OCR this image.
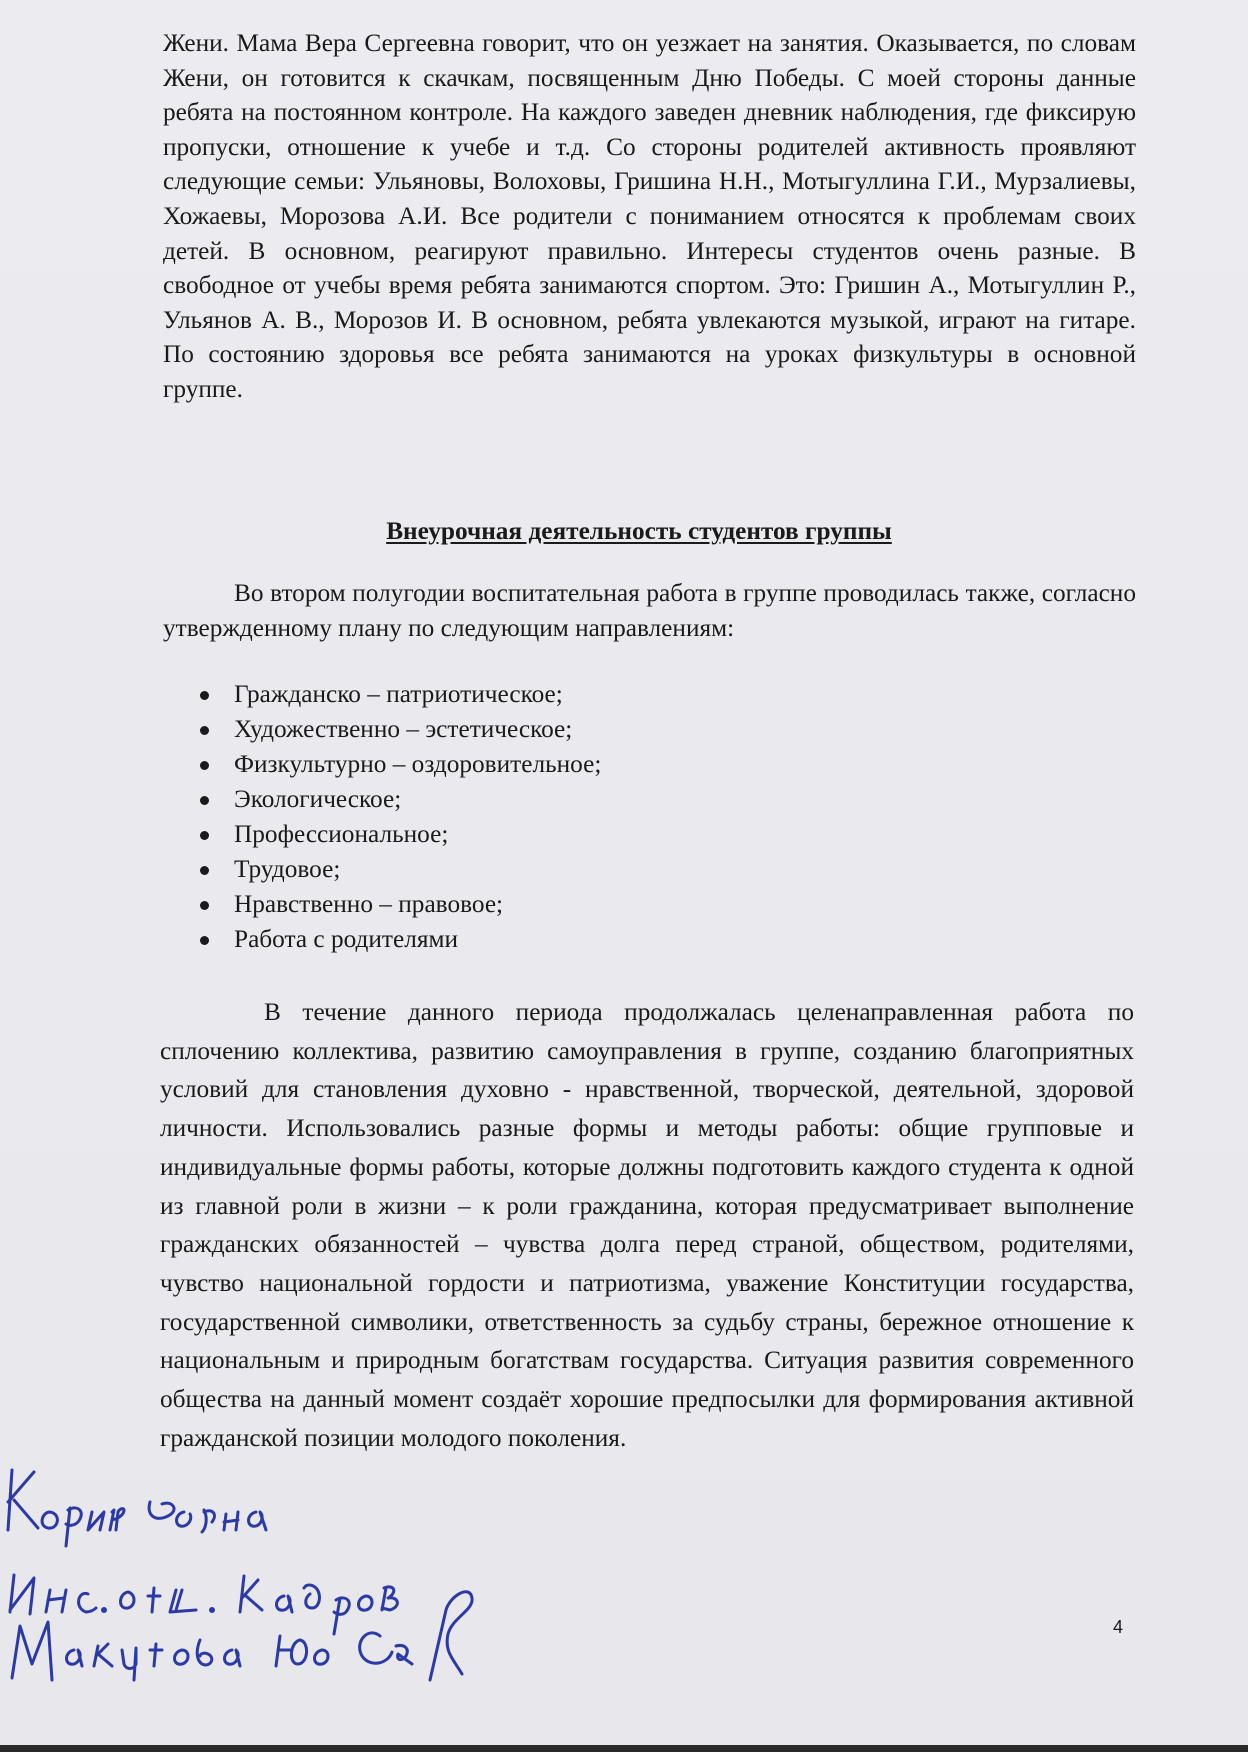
Жени. Мама Вера Сергеевна говорит, что он уезжает на занятия. Оказывается, по словам Жени, он готовится к скачкам, посвященным Дню Победы. С моей стороны данные ребята на постоянном контроле. На каждого заведен дневник наблюдения, где фиксирую пропуски, отношение к учебе и т.д. Со стороны родителей активность проявляют следующие семьи: Ульяновы, Волоховы, Гришина Н.Н., Мотыгуллина Г.И., Мурзалиевы, Хожаевы, Морозова А.И. Все родители с пониманием относятся к проблемам своих детей. В основном, реагируют правильно. Интересы студентов очень разные. В свободное от учебы время ребята занимаются спортом. Это: Гришин А., Мотыгуллин Р., Ульянов А. В., Морозов И. В основном, ребята увлекаются музыкой, играют на гитаре. По состоянию здоровья все ребята занимаются на уроках физкультуры в основной группе.

Внеурочная деятельность студентов группы

Во втором полугодии воспитательная работа в группе проводилась также, согласно утвержденному плану по следующим направлениям:

Гражданско – патриотическое;
Художественно – эстетическое;
Физкультурно – оздоровительное;
Экологическое;
Профессиональное;
Трудовое;
Нравственно – правовое;
Работа с родителями

В течение данного периода продолжалась целенаправленная работа по сплочению коллектива, развитию самоуправления в группе, созданию благоприятных условий для становления духовно - нравственной, творческой, деятельной, здоровой личности. Использовались разные формы и методы работы: общие групповые и индивидуальные формы работы, которые должны подготовить каждого студента к одной из главной роли в жизни – к роли гражданина, которая предусматривает выполнение гражданских обязанностей – чувства долга перед страной, обществом, родителями, чувство национальной гордости и патриотизма, уважение Конституции государства, государственной символики, ответственность за судьбу страны, бережное отношение к национальным и природным богатствам государства. Ситуация развития современного общества на данный момент создаёт хорошие предпосылки для формирования активной гражданской позиции молодого поколения.

4
